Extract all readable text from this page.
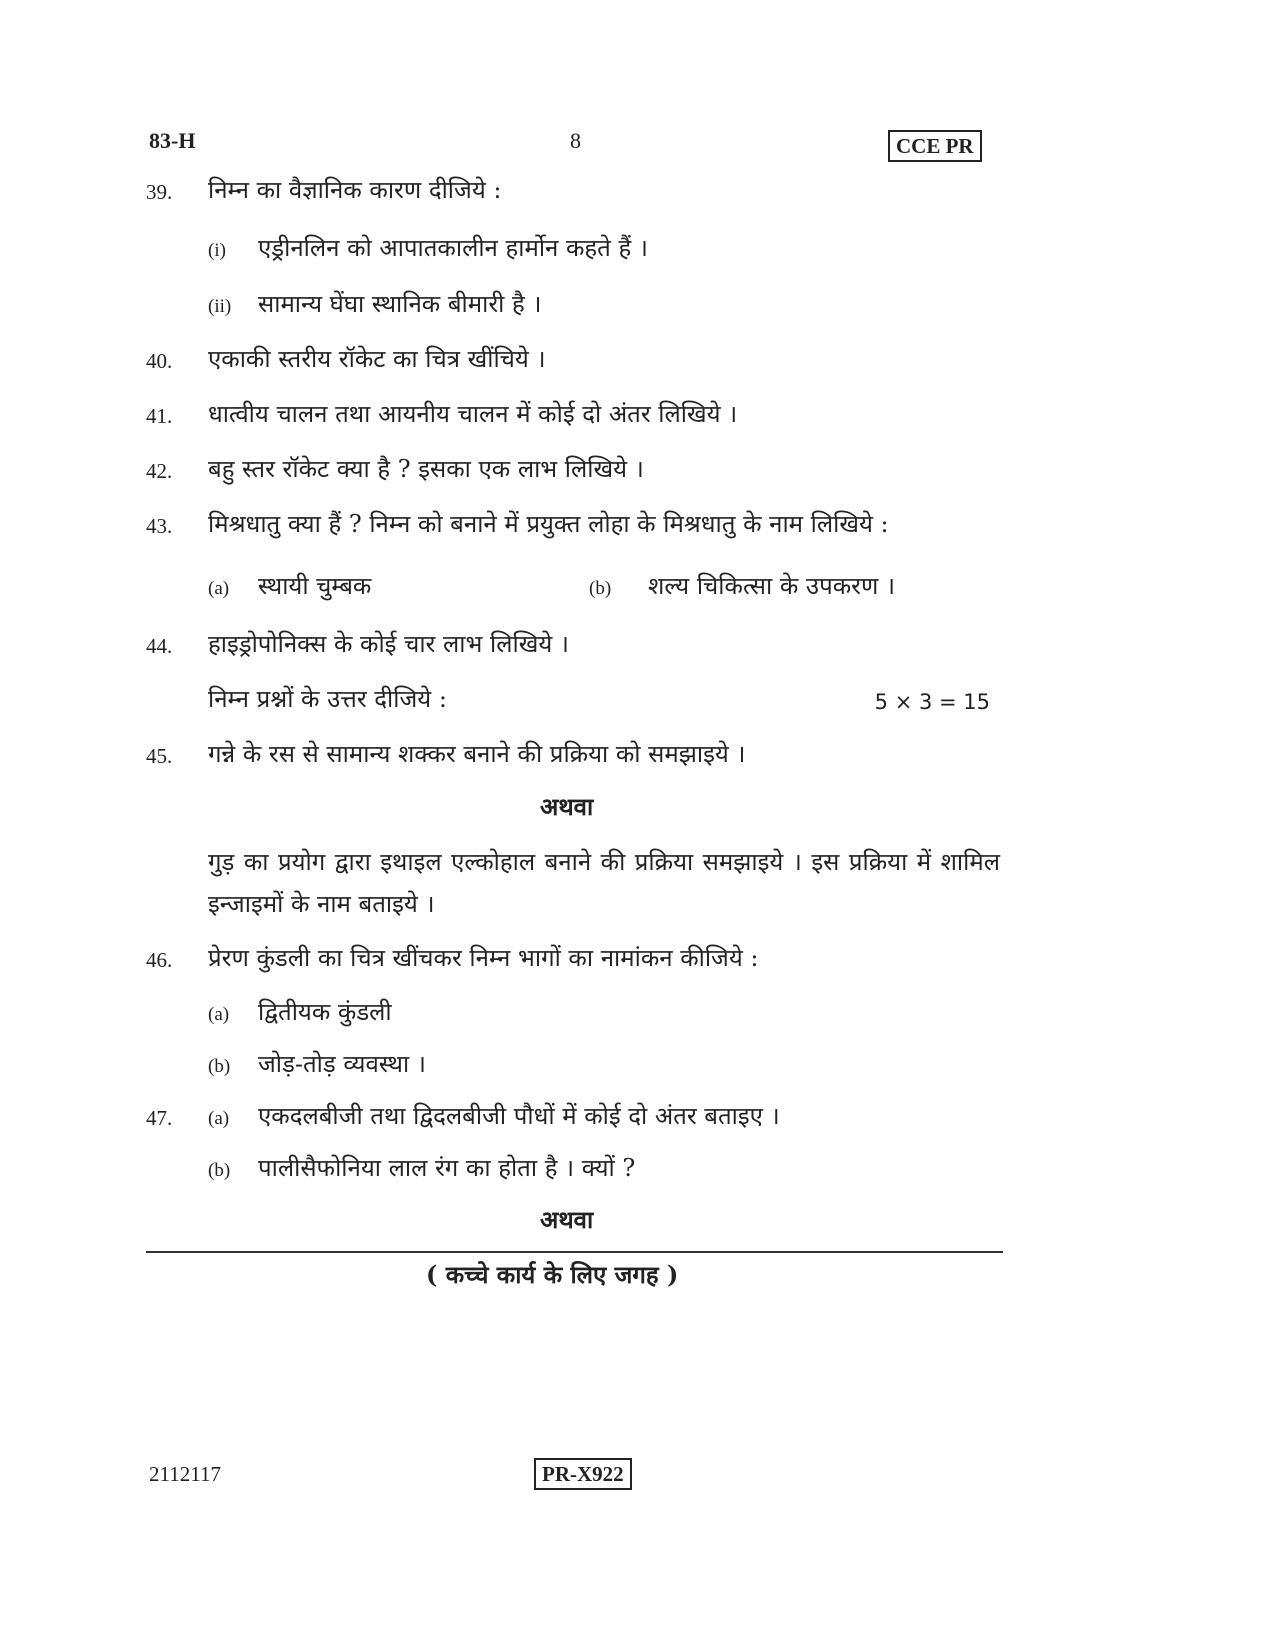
83-H	8	CCE PR
39. निम्न का वैज्ञानिक कारण दीजिये :
(i) एड्रीनलिन को आपातकालीन हार्मोन कहते हैं ।
(ii) सामान्य घेंघा स्थानिक बीमारी है ।
40. एकाकी स्तरीय रॉकेट का चित्र खींचिये ।
41. धात्वीय चालन तथा आयनीय चालन में कोई दो अंतर लिखिये ।
42. बहु स्तर रॉकेट क्या है ? इसका एक लाभ लिखिये ।
43. मिश्रधातु क्या हैं ? निम्न को बनाने में प्रयुक्त लोहा के मिश्रधातु के नाम लिखिये :
(a) स्थायी चुम्बक	(b) शल्य चिकित्सा के उपकरण ।
44. हाइड्रोपोनिक्स के कोई चार लाभ लिखिये ।
निम्न प्रश्नों के उत्तर दीजिये :	5 × 3 = 15
45. गन्ने के रस से सामान्य शक्कर बनाने की प्रक्रिया को समझाइये ।
अथवा
गुड़ का प्रयोग द्वारा इथाइल एल्कोहाल बनाने की प्रक्रिया समझाइये । इस प्रक्रिया में शामिल इन्जाइमों के नाम बताइये ।
46. प्रेरण कुंडली का चित्र खींचकर निम्न भागों का नामांकन कीजिये :
(a) द्वितीयक कुंडली
(b) जोड़-तोड़ व्यवस्था ।
47. (a) एकदलबीजी तथा द्विदलबीजी पौधों में कोई दो अंतर बताइए ।
(b) पालीसैफोनिया लाल रंग का होता है । क्यों ?
अथवा
( कच्चे कार्य के लिए जगह )
2112117	PR-X922
